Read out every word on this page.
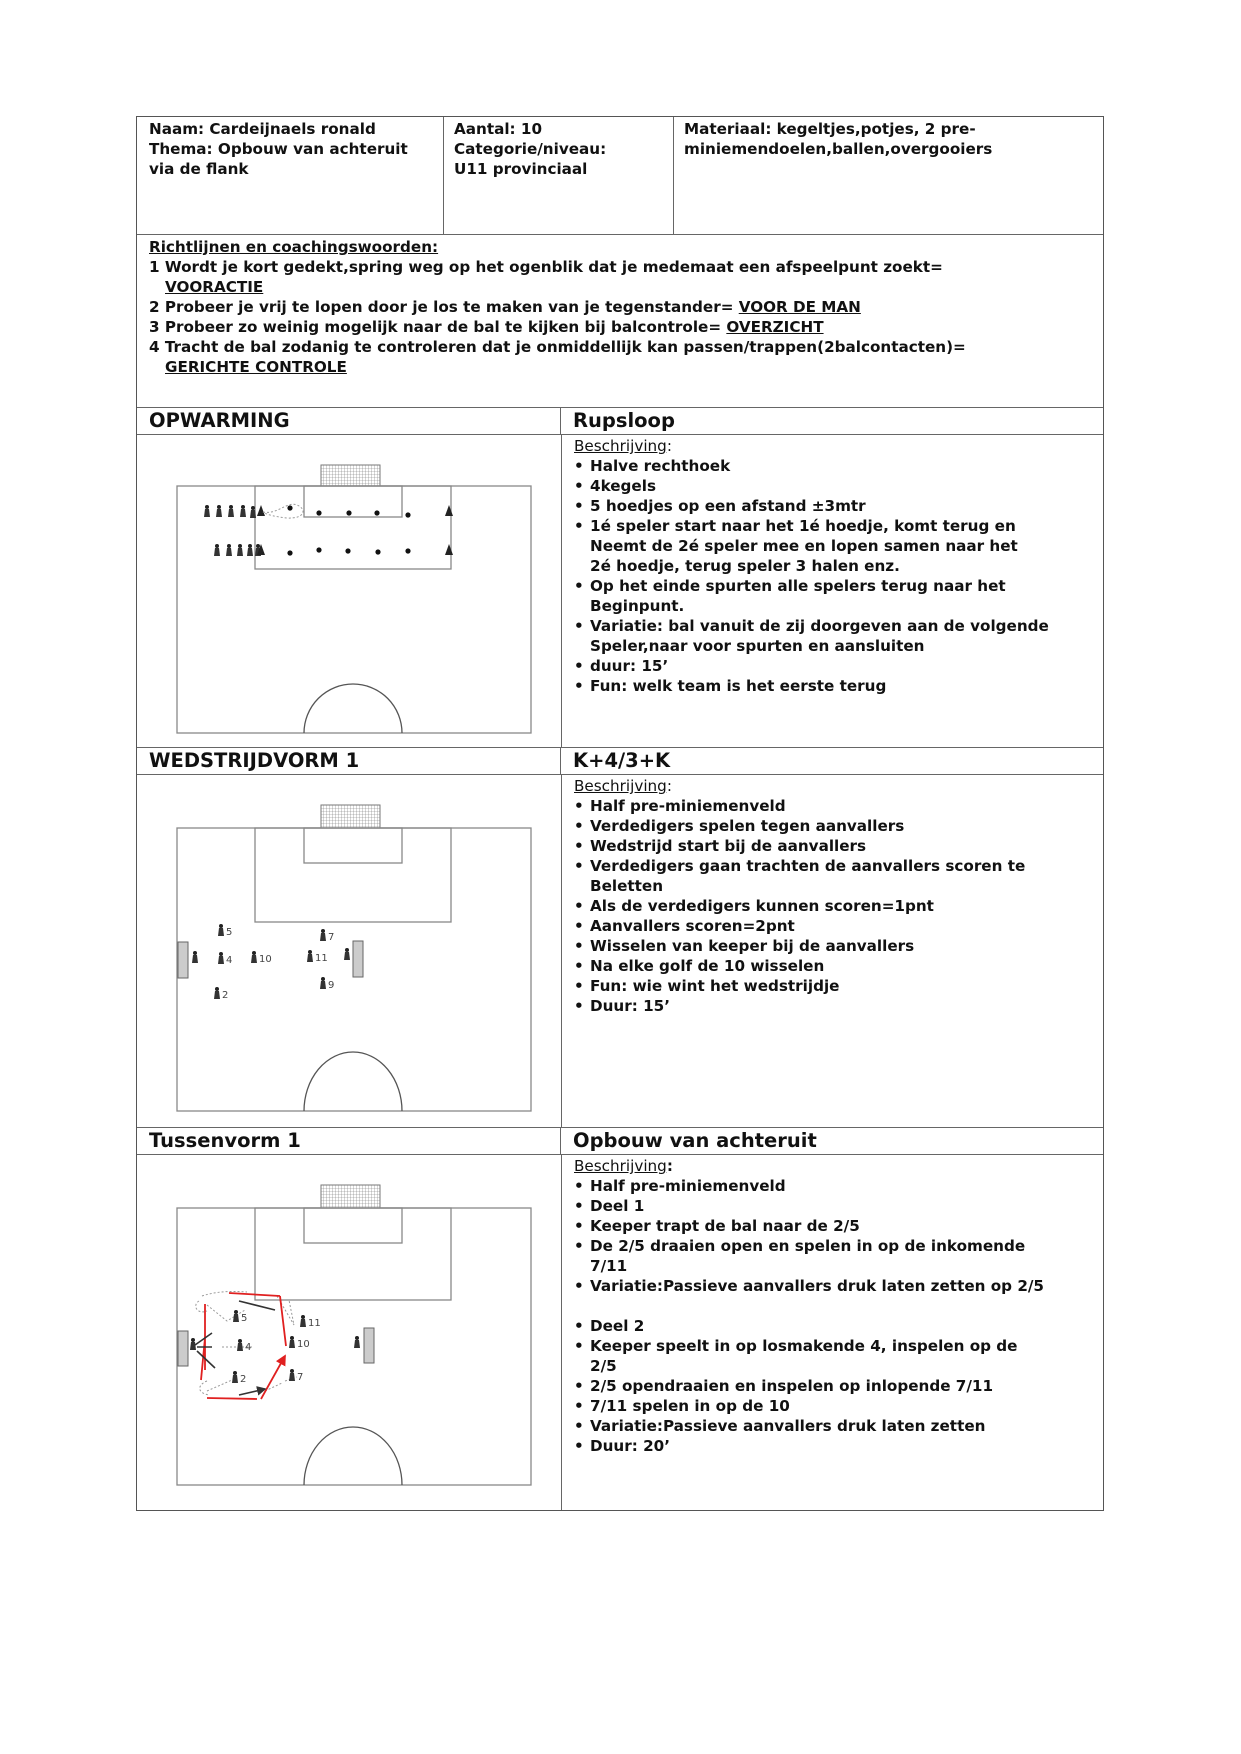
Naam: Cardeijnaels ronald
Thema: Opbouw van achteruit via de flank
Aantal: 10
Categorie/niveau:
U11 provinciaal
Materiaal: kegeltjes,potjes, 2 pre-miniemendoelen,ballen,overgooiers
Richtlijnen en coachingswoorden:
1 Wordt je kort gedekt,spring weg op het ogenblik dat je medemaat een afspeelpunt zoekt=
VOORACTIE
2 Probeer je vrij te lopen door je los te maken van je tegenstander= VOOR DE MAN
3 Probeer zo weinig mogelijk naar de bal te kijken bij balcontrole= OVERZICHT
4 Tracht de bal zodanig te controleren dat je onmiddellijk kan passen/trappen(2balcontacten)=
GERICHTE CONTROLE
OPWARMING	Rupsloop
Beschrijving:
•
Halve rechthoek
•
4kegels
•
5 hoedjes op een afstand ±3mtr
•
1é speler start naar het 1é hoedje, komt terug en
Neemt de 2é speler mee en lopen samen naar het
2é hoedje, terug speler 3 halen enz.
•
Op het einde spurten alle spelers terug naar het
Beginpunt.
•
Variatie: bal vanuit de zij doorgeven aan de volgende
Speler,naar voor spurten en aansluiten
•
duur: 15’
•
Fun: welk team is het eerste terug
WEDSTRIJDVORM 1	K+4/3+K
5
4	10
2
7
11
9
Beschrijving:
•
Half pre-miniemenveld
•
Verdedigers spelen tegen aanvallers
•
Wedstrijd start bij de aanvallers
•
Verdedigers gaan trachten de aanvallers scoren te
Beletten
•
Als de verdedigers kunnen scoren=1pnt
•
Aanvallers scoren=2pnt
•
Wisselen van keeper bij de aanvallers
•
Na elke golf de 10 wisselen
•
Fun: wie wint het wedstrijdje
•
Duur: 15’
Tussenvorm 1	Opbouw van achteruit
5
4
2
11
10
7
Beschrijving:
•
Half pre-miniemenveld
•
Deel 1
•
Keeper trapt de bal naar de 2/5
•
De 2/5 draaien open en spelen in op de inkomende
7/11
•
Variatie:Passieve aanvallers druk laten zetten op 2/5
•
Deel 2
•
Keeper speelt in op losmakende 4, inspelen op de
2/5
•
2/5 opendraaien en inspelen op inlopende 7/11
•
7/11 spelen in op de 10
•
Variatie:Passieve aanvallers druk laten zetten
•
Duur: 20’
